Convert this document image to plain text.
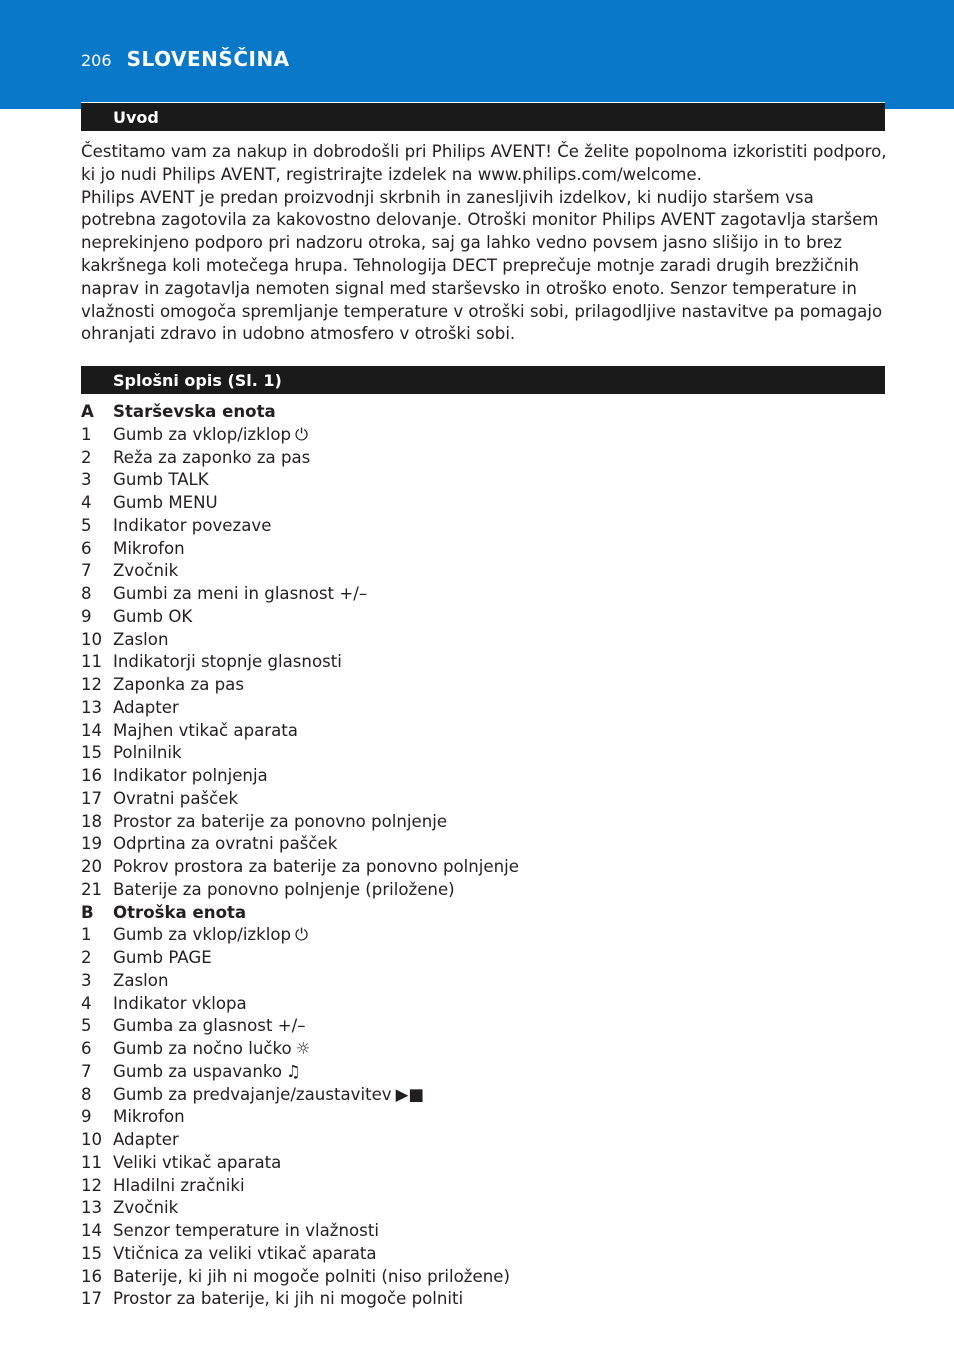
206 SLOVENŠČINA
Uvod

Čestitamo vam za nakup in dobrodošli pri Philips AVENT! Če želite popolnoma izkoristiti podporo, ki jo nudi Philips AVENT, registrirajte izdelek na www.philips.com/welcome.

Philips AVENT je predan proizvodnji skrbnih in zanesljivih izdelkov, ki nudijo staršem vsa potrebna zagotovila za kakovostno delovanje. Otroški monitor Philips AVENT zagotavlja staršem neprekinjeno podporo pri nadzoru otroka, saj ga lahko vedno povsem jasno slišijo in to brez kakršnega koli motečega hrupa. Tehnologija DECT preprečuje motnje zaradi drugih brezžičnih naprav in zagotavlja nemoten signal med starševsko in otroško enoto. Senzor temperature in vlažnosti omogoča spremljanje temperature v otroški sobi, prilagodljive nastavitve pa pomagajo ohranjati zdravo in udobno atmosfero v otroški sobi.

Splošni opis (Sl. 1)
A	Starševska enota
1	Gumb za vklop/izklop ⏻
2	Reža za zaponko za pas
3	Gumb TALK
4	Gumb MENU
5	Indikator povezave
6	Mikrofon
7	Zvočnik
8	Gumbi za meni in glasnost +/–
9	Gumb OK
10 Zaslon
11 Indikatorji stopnje glasnosti
12 Zaponka za pas
13 Adapter
14 Majhen vtikač aparata
15 Polnilnik
16 Indikator polnjenja
17 Ovratni pašček
18 Prostor za baterije za ponovno polnjenje
19 Odprtina za ovratni pašček
20 Pokrov prostora za baterije za ponovno polnjenje
21 Baterije za ponovno polnjenje (priložene)
B	Otroška enota
1	Gumb za vklop/izklop ⏻
2	Gumb PAGE
3	Zaslon
4	Indikator vklopa
5	Gumba za glasnost +/–
6	Gumb za nočno lučko ☼
7	Gumb za uspavanko ♫
8	Gumb za predvajanje/zaustavitev ▶■
9	Mikrofon
10 Adapter
11 Veliki vtikač aparata
12 Hladilni zračniki
13 Zvočnik
14 Senzor temperature in vlažnosti
15 Vtičnica za veliki vtikač aparata
16 Baterije, ki jih ni mogoče polniti (niso priložene)
17 Prostor za baterije, ki jih ni mogoče polniti
